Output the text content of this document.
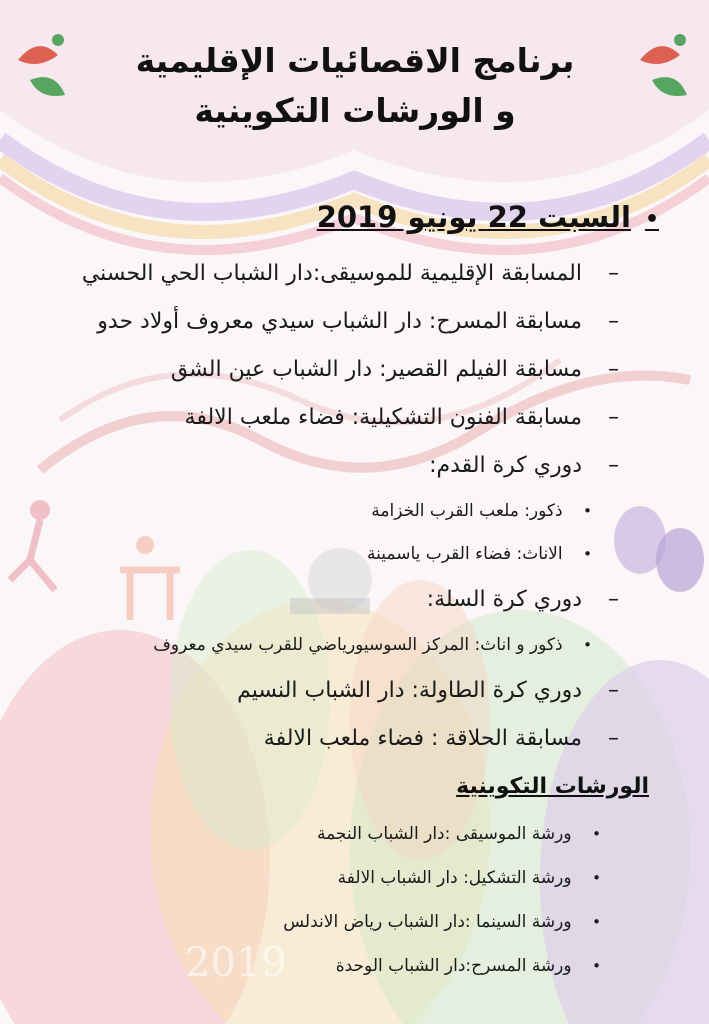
برنامج الاقصائيات الإقليمية
و الورشات التكوينية
•السبت 22 يونيو 2019
– المسابقة الإقليمية للموسيقى:دار الشباب الحي الحسني
– مسابقة المسرح: دار الشباب سيدي معروف أولاد حدو
– مسابقة الفيلم القصير: دار الشباب عين الشق
– مسابقة الفنون التشكيلية: فضاء ملعب الالفة
– دوري كرة القدم:
• ذكور: ملعب القرب الخزامة
• الاناث: فضاء القرب ياسمينة
– دوري كرة السلة:
• ذكور و اناث: المركز السوسيورياضي للقرب سيدي معروف
– دوري كرة الطاولة: دار الشباب النسيم
– مسابقة الحلاقة : فضاء ملعب الالفة
الورشات التكوينية
• ورشة الموسيقى :دار الشباب النجمة
• ورشة التشكيل: دار الشباب الالفة
• ورشة السينما :دار الشباب رياض الاندلس
• ورشة المسرح:دار الشباب الوحدة
2019
